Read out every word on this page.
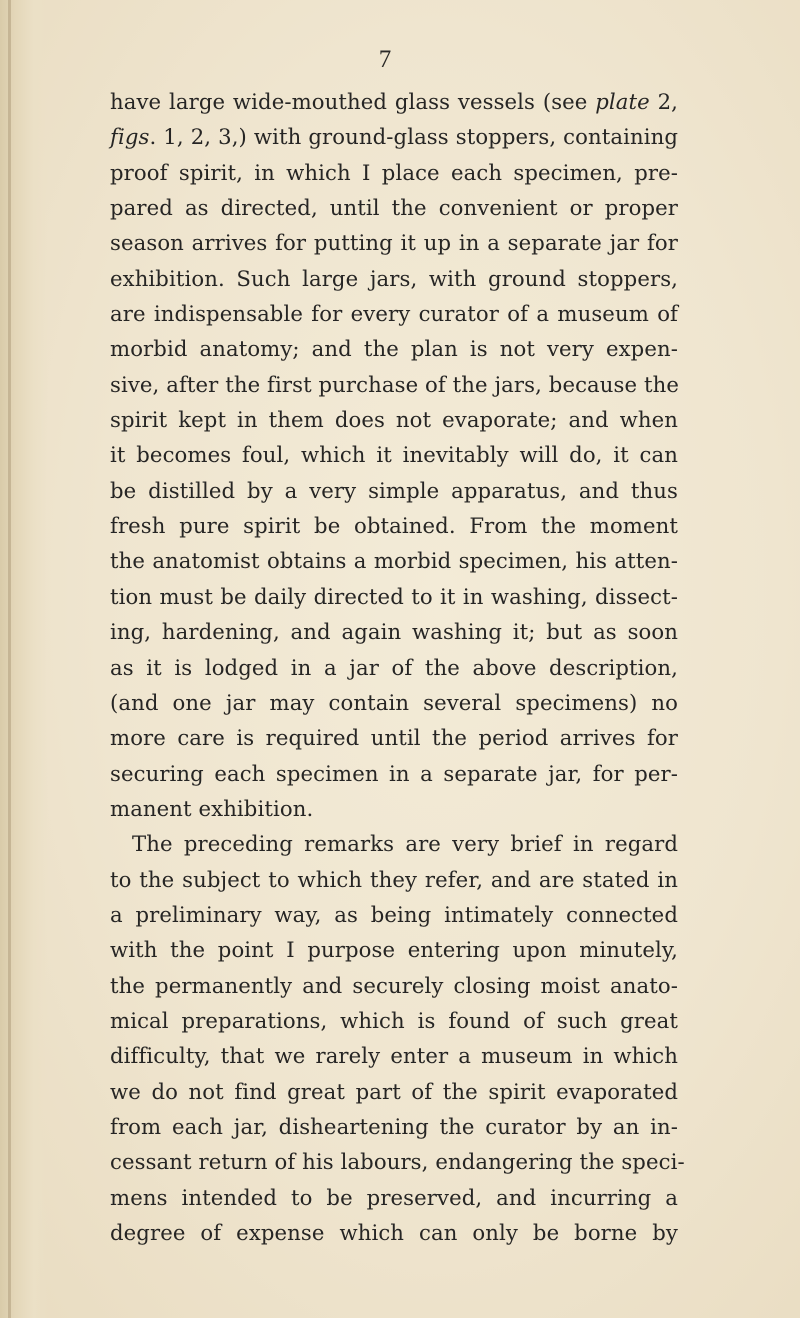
7
have large wide-mouthed glass vessels (see plate 2,
figs. 1, 2, 3,) with ground-glass stoppers, containing
proof spirit, in which I place each specimen, pre-
pared as directed, until the convenient or proper
season arrives for putting it up in a separate jar for
exhibition. Such large jars, with ground stoppers,
are indispensable for every curator of a museum of
morbid anatomy; and the plan is not very expen-
sive, after the first purchase of the jars, because the
spirit kept in them does not evaporate; and when
it becomes foul, which it inevitably will do, it can
be distilled by a very simple apparatus, and thus
fresh pure spirit be obtained. From the moment
the anatomist obtains a morbid specimen, his atten-
tion must be daily directed to it in washing, dissect-
ing, hardening, and again washing it; but as soon
as it is lodged in a jar of the above description,
(and one jar may contain several specimens) no
more care is required until the period arrives for
securing each specimen in a separate jar, for per-
manent exhibition.
The preceding remarks are very brief in regard
to the subject to which they refer, and are stated in
a preliminary way, as being intimately connected
with the point I purpose entering upon minutely,
the permanently and securely closing moist anato-
mical preparations, which is found of such great
difficulty, that we rarely enter a museum in which
we do not find great part of the spirit evaporated
from each jar, disheartening the curator by an in-
cessant return of his labours, endangering the speci-
mens intended to be preserved, and incurring a
degree of expense which can only be borne by
